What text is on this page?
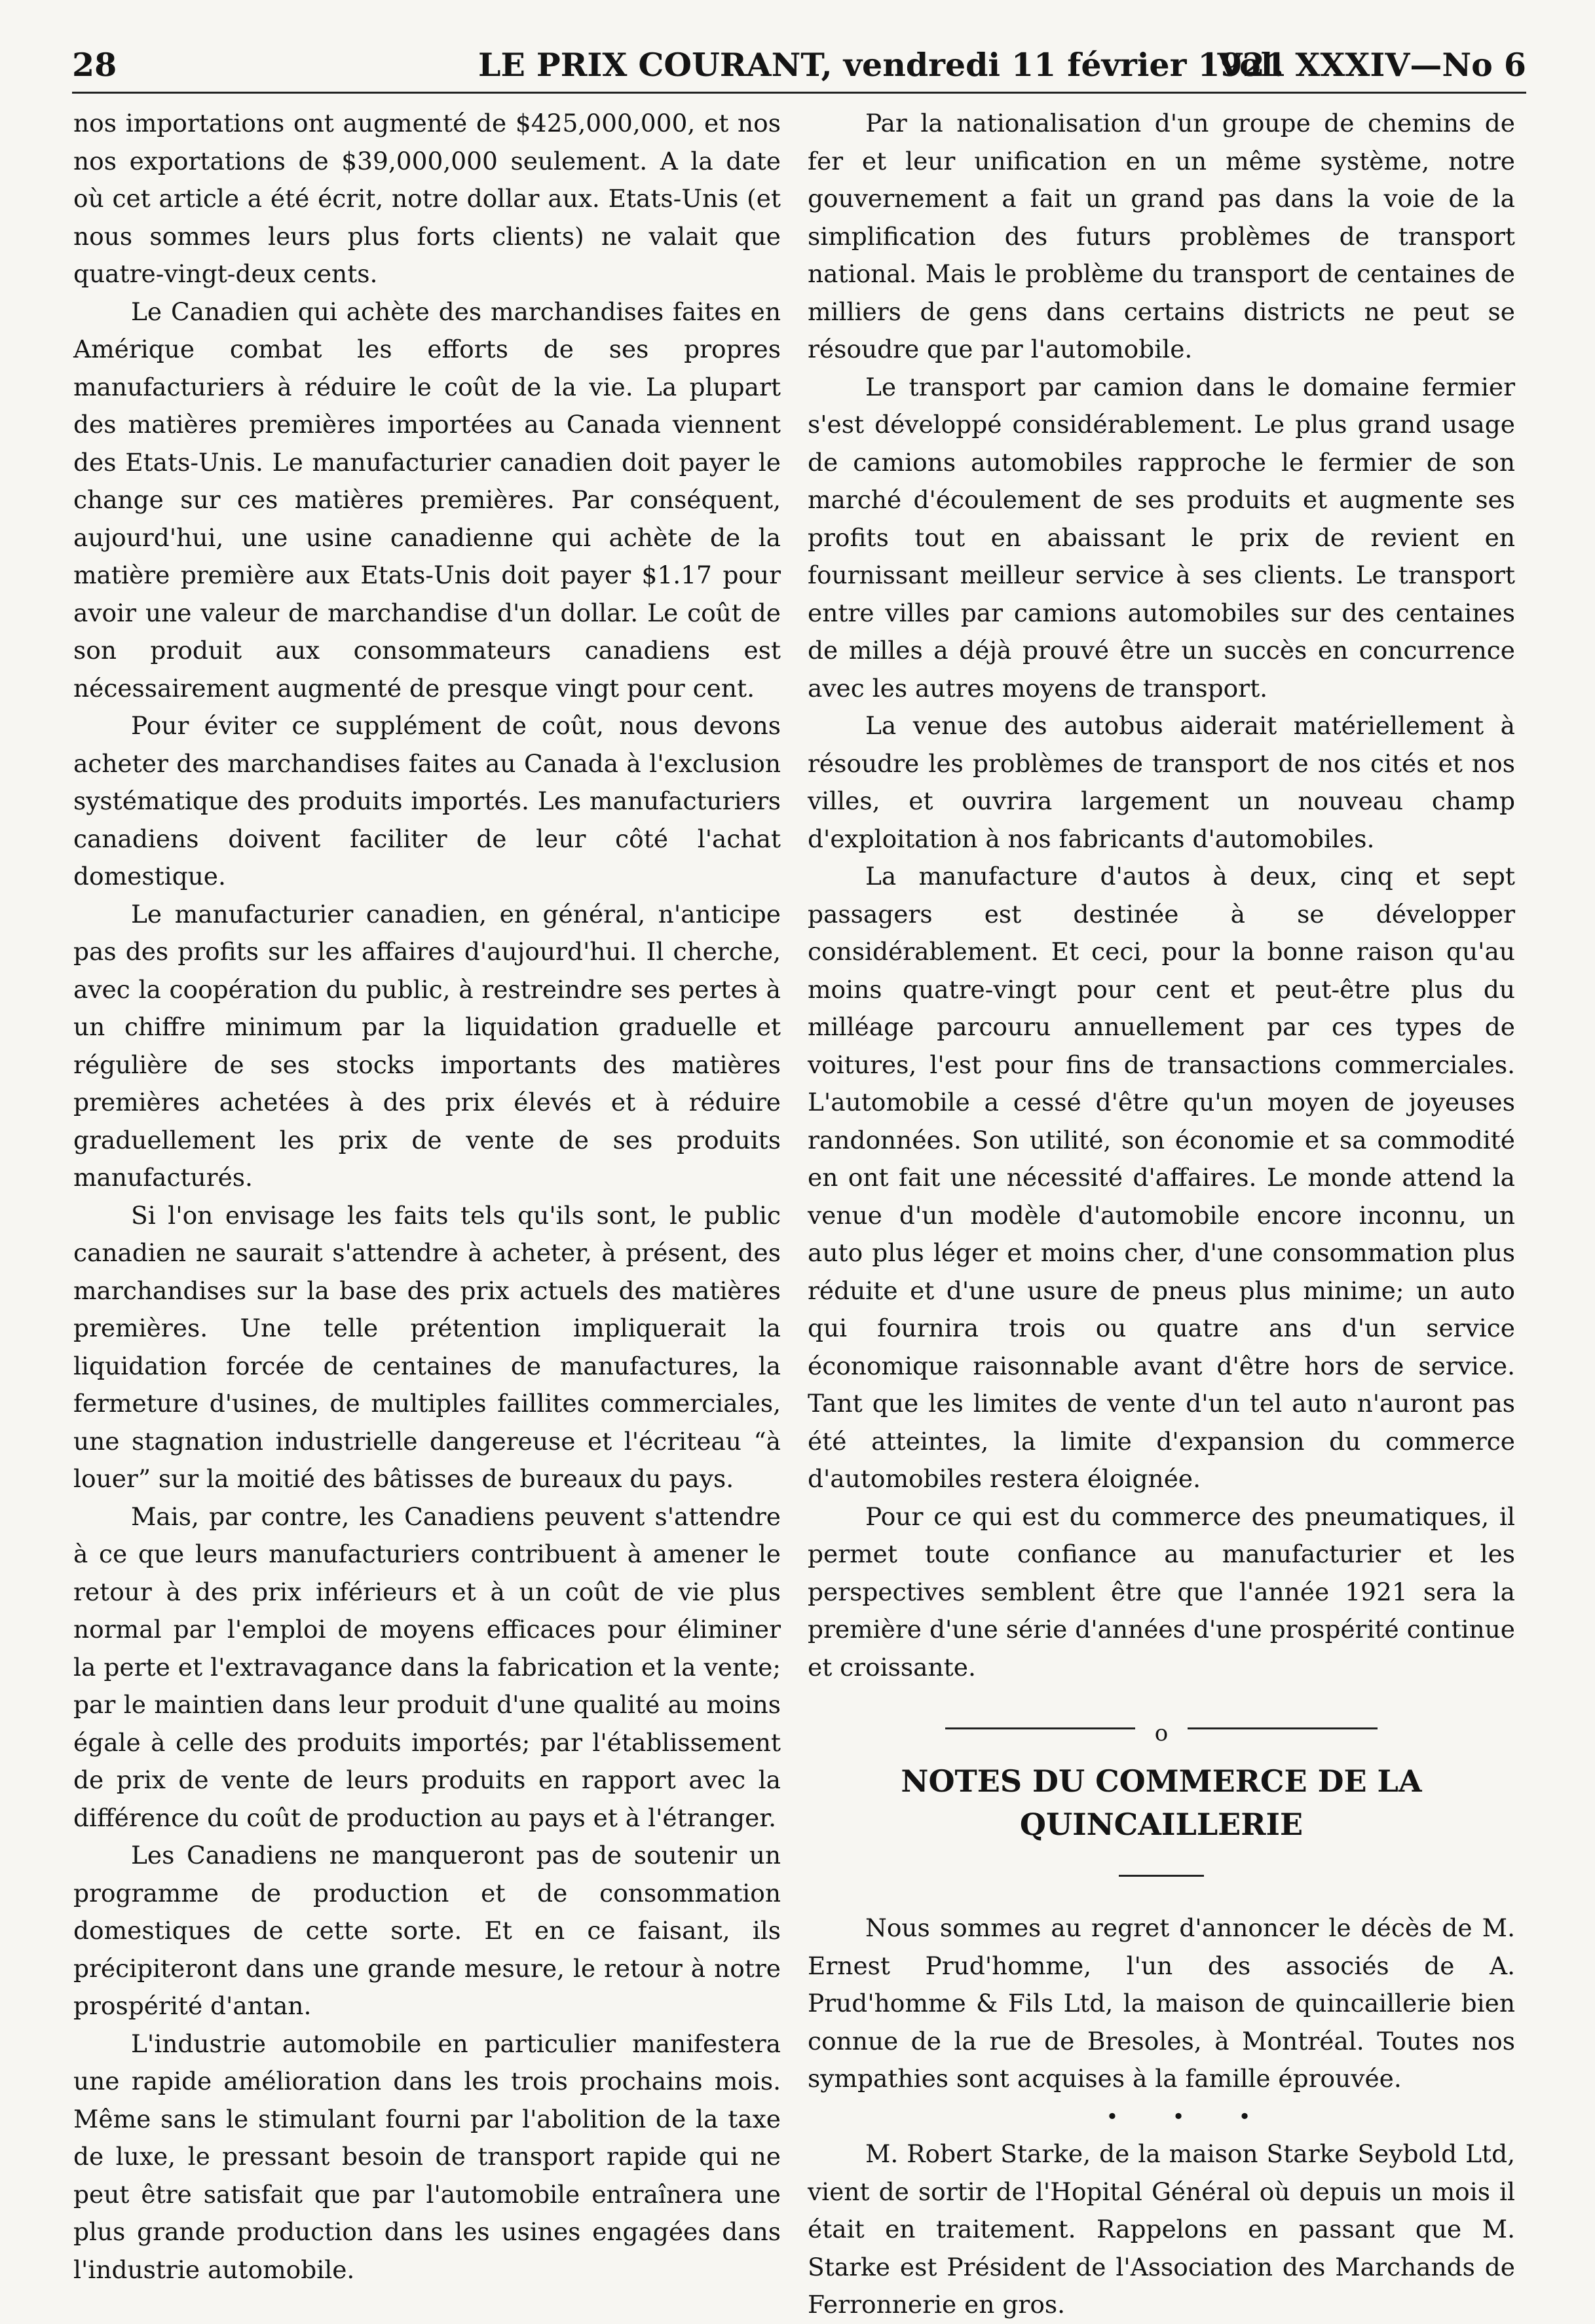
28	LE PRIX COURANT, vendredi 11 février 1921
Vol. XXXIV—No 6

nos importations ont augmenté de $425,000,000, et nos nos exportations de $39,000,000 seulement. A la date où cet article a été écrit, notre dollar aux. Etats-Unis (et nous sommes leurs plus forts clients) ne valait que quatre-vingt-deux cents.

Le Canadien qui achète des marchandises faites en Amérique combat les efforts de ses propres manufacturiers à réduire le coût de la vie. La plupart des matières premières importées au Canada viennent des Etats-Unis. Le manufacturier canadien doit payer le change sur ces matières premières. Par conséquent, aujourd'hui, une usine canadienne qui achète de la matière première aux Etats-Unis doit payer $1.17 pour avoir une valeur de marchandise d'un dollar. Le coût de son produit aux consommateurs canadiens est nécessairement augmenté de presque vingt pour cent.

Pour éviter ce supplément de coût, nous devons acheter des marchandises faites au Canada à l'exclusion systématique des produits importés. Les manufacturiers canadiens doivent faciliter de leur côté l'achat domestique.

Le manufacturier canadien, en général, n'anticipe pas des profits sur les affaires d'aujourd'hui. Il cherche, avec la coopération du public, à restreindre ses pertes à un chiffre minimum par la liquidation graduelle et régulière de ses stocks importants des matières premières achetées à des prix élevés et à réduire graduellement les prix de vente de ses produits manufacturés.

Si l'on envisage les faits tels qu'ils sont, le public canadien ne saurait s'attendre à acheter, à présent, des marchandises sur la base des prix actuels des matières premières. Une telle prétention impliquerait la liquidation forcée de centaines de manufactures, la fermeture d'usines, de multiples faillites commerciales, une stagnation industrielle dangereuse et l'écriteau “à louer” sur la moitié des bâtisses de bureaux du pays.

Mais, par contre, les Canadiens peuvent s'attendre à ce que leurs manufacturiers contribuent à amener le retour à des prix inférieurs et à un coût de vie plus normal par l'emploi de moyens efficaces pour éliminer la perte et l'extravagance dans la fabrication et la vente; par le maintien dans leur produit d'une qualité au moins égale à celle des produits importés; par l'établissement de prix de vente de leurs produits en rapport avec la différence du coût de production au pays et à l'étranger.

Les Canadiens ne manqueront pas de soutenir un programme de production et de consommation domestiques de cette sorte. Et en ce faisant, ils précipiteront dans une grande mesure, le retour à notre prospérité d'antan.

L'industrie automobile en particulier manifestera une rapide amélioration dans les trois prochains mois. Même sans le stimulant fourni par l'abolition de la taxe de luxe, le pressant besoin de transport rapide qui ne peut être satisfait que par l'automobile entraînera une plus grande production dans les usines engagées dans l'industrie automobile.

Par la nationalisation d'un groupe de chemins de fer et leur unification en un même système, notre gouvernement a fait un grand pas dans la voie de la simplification des futurs problèmes de transport national. Mais le problème du transport de centaines de milliers de gens dans certains districts ne peut se résoudre que par l'automobile.

Le transport par camion dans le domaine fermier s'est développé considérablement. Le plus grand usage de camions automobiles rapproche le fermier de son marché d'écoulement de ses produits et augmente ses profits tout en abaissant le prix de revient en fournissant meilleur service à ses clients. Le transport entre villes par camions automobiles sur des centaines de milles a déjà prouvé être un succès en concurrence avec les autres moyens de transport.

La venue des autobus aiderait matériellement à résoudre les problèmes de transport de nos cités et nos villes, et ouvrira largement un nouveau champ d'exploitation à nos fabricants d'automobiles.

La manufacture d'autos à deux, cinq et sept passagers est destinée à se développer considérablement. Et ceci, pour la bonne raison qu'au moins quatre-vingt pour cent et peut-être plus du milléage parcouru annuellement par ces types de voitures, l'est pour fins de transactions commerciales. L'automobile a cessé d'être qu'un moyen de joyeuses randonnées. Son utilité, son économie et sa commodité en ont fait une nécessité d'affaires. Le monde attend la venue d'un modèle d'automobile encore inconnu, un auto plus léger et moins cher, d'une consommation plus réduite et d'une usure de pneus plus minime; un auto qui fournira trois ou quatre ans d'un service économique raisonnable avant d'être hors de service. Tant que les limites de vente d'un tel auto n'auront pas été atteintes, la limite d'expansion du commerce d'automobiles restera éloignée.

Pour ce qui est du commerce des pneumatiques, il permet toute confiance au manufacturier et les perspectives semblent être que l'année 1921 sera la première d'une série d'années d'une prospérité continue et croissante.

o
NOTES DU COMMERCE DE LA
QUINCAILLERIE

Nous sommes au regret d'annoncer le décès de M. Ernest Prud'homme, l'un des associés de A. Prud'homme & Fils Ltd, la maison de quincaillerie bien connue de la rue de Bresoles, à Montréal. Toutes nos sympathies sont acquises à la famille éprouvée.

• • •

M. Robert Starke, de la maison Starke Seybold Ltd, vient de sortir de l'Hopital Général où depuis un mois il était en traitement. Rappelons en passant que M. Starke est Président de l'Association des Marchands de Ferronnerie en gros.
